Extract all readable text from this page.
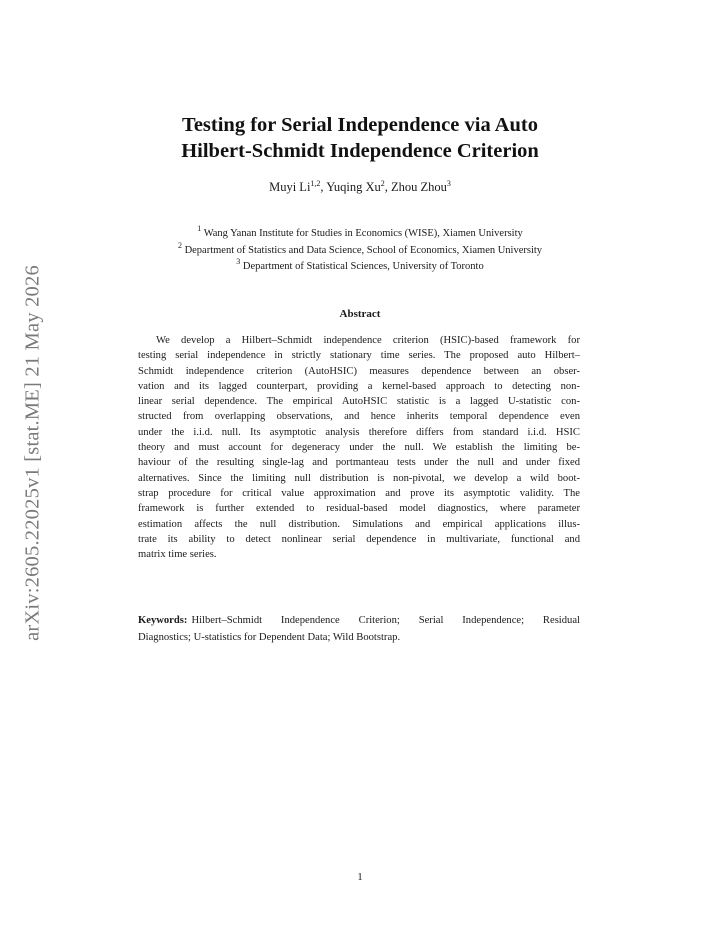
arXiv:2605.22025v1 [stat.ME] 21 May 2026
Testing for Serial Independence via Auto
Hilbert-Schmidt Independence Criterion
Muyi Li$^{1,2}$, Yuqing Xu$^2$, Zhou Zhou$^3$
$^1$ Wang Yanan Institute for Studies in Economics (WISE), Xiamen University
$^2$ Department of Statistics and Data Science, School of Economics, Xiamen University
$^3$ Department of Statistical Sciences, University of Toronto
Abstract
We develop a Hilbert–Schmidt independence criterion (HSIC)-based framework for
testing serial independence in strictly stationary time series. The proposed auto Hilbert–
Schmidt independence criterion (AutoHSIC) measures dependence between an obser-
vation and its lagged counterpart, providing a kernel-based approach to detecting non-
linear serial dependence. The empirical AutoHSIC statistic is a lagged U-statistic con-
structed from overlapping observations, and hence inherits temporal dependence even
under the i.i.d. null. Its asymptotic analysis therefore differs from standard i.i.d. HSIC
theory and must account for degeneracy under the null. We establish the limiting be-
haviour of the resulting single-lag and portmanteau tests under the null and under fixed
alternatives. Since the limiting null distribution is non-pivotal, we develop a wild boot-
strap procedure for critical value approximation and prove its asymptotic validity. The
framework is further extended to residual-based model diagnostics, where parameter
estimation affects the null distribution. Simulations and empirical applications illus-
trate its ability to detect nonlinear serial dependence in multivariate, functional and
matrix time series.
Keywords: Hilbert–Schmidt Independence Criterion; Serial Independence; Residual
Diagnostics; U-statistics for Dependent Data; Wild Bootstrap.
1
